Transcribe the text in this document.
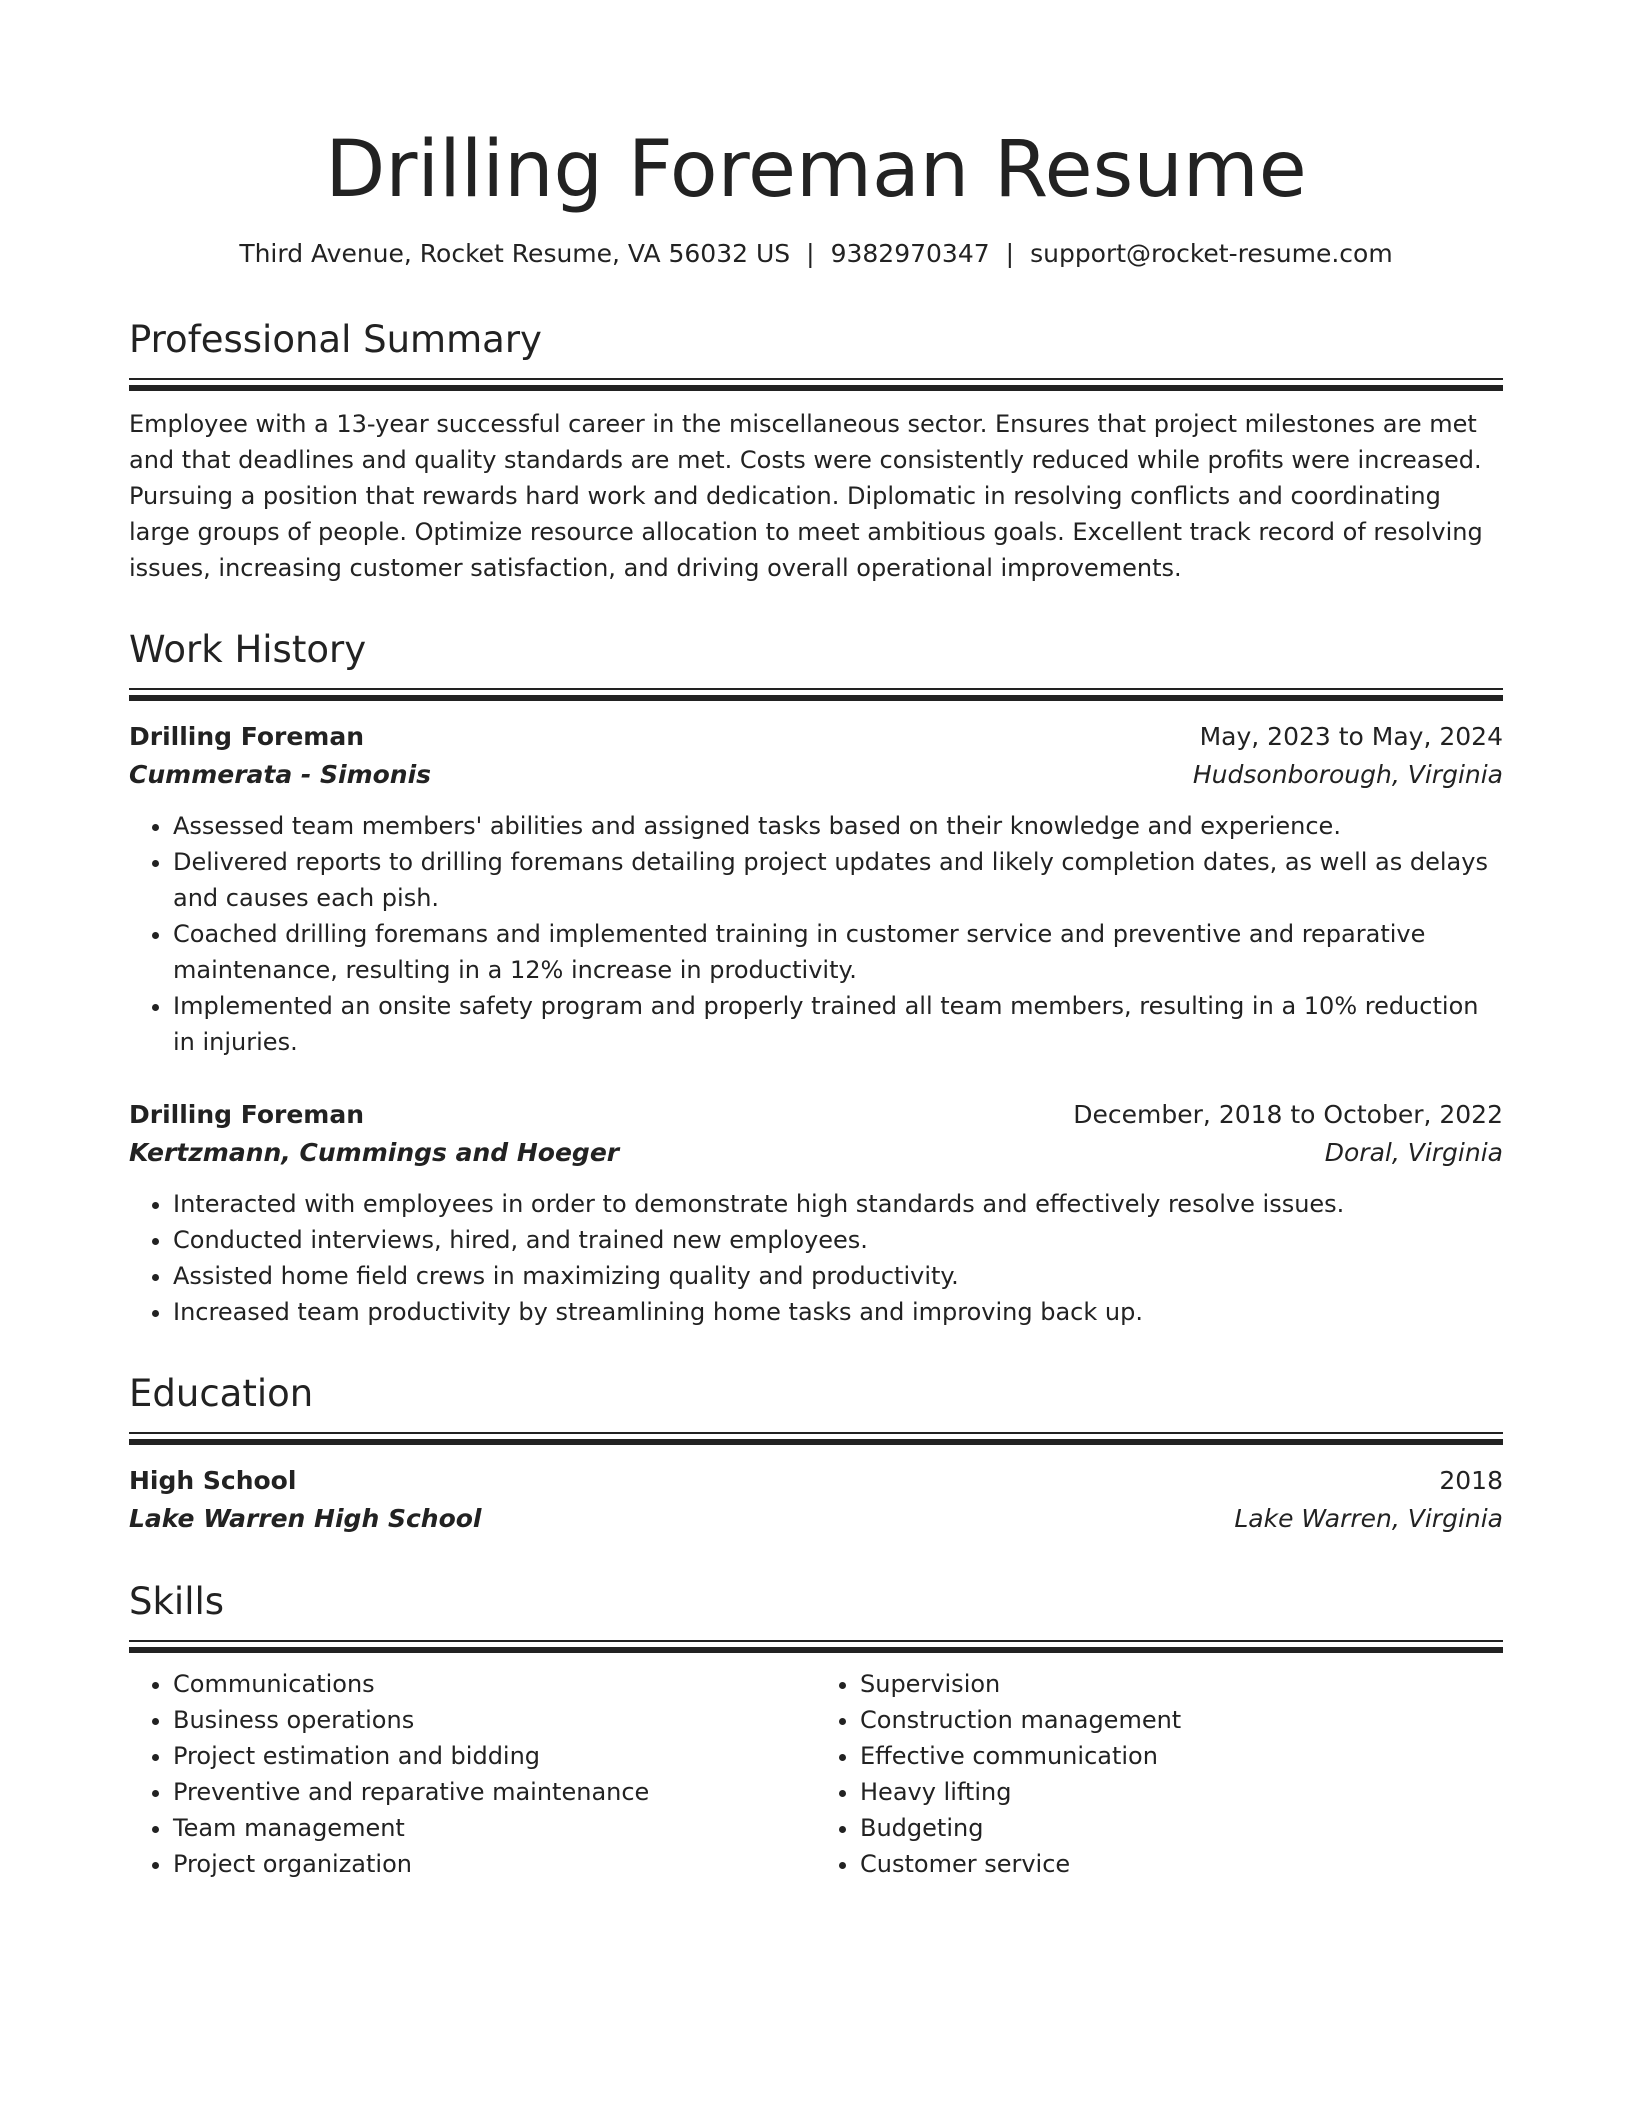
Drilling Foreman Resume
Third Avenue, Rocket Resume, VA 56032 US | 9382970347 | support@rocket-resume.com
Professional Summary

Employee with a 13-year successful career in the miscellaneous sector. Ensures that project milestones are met and that deadlines and quality standards are met. Costs were consistently reduced while profits were increased. Pursuing a position that rewards hard work and dedication. Diplomatic in resolving conflicts and coordinating large groups of people. Optimize resource allocation to meet ambitious goals. Excellent track record of resolving issues, increasing customer satisfaction, and driving overall operational improvements.

Work History
Drilling Foreman	May, 2023 to May, 2024
Cummerata - Simonis	Hudsonborough, Virginia
• Assessed team members' abilities and assigned tasks based on their knowledge and experience.
• Delivered reports to drilling foremans detailing project updates and likely completion dates, as well as delays and causes each pish.
• Coached drilling foremans and implemented training in customer service and preventive and reparative maintenance, resulting in a 12% increase in productivity.
• Implemented an onsite safety program and properly trained all team members, resulting in a 10% reduction in injuries.
Drilling Foreman	December, 2018 to October, 2022
Kertzmann, Cummings and Hoeger	Doral, Virginia
• Interacted with employees in order to demonstrate high standards and effectively resolve issues.
• Conducted interviews, hired, and trained new employees.
• Assisted home field crews in maximizing quality and productivity.
• Increased team productivity by streamlining home tasks and improving back up.
Education
High School	2018
Lake Warren High School	Lake Warren, Virginia
Skills
• Communications
• Business operations
• Project estimation and bidding
• Preventive and reparative maintenance
• Team management
• Project organization
• Supervision
• Construction management
• Effective communication
• Heavy lifting
• Budgeting
• Customer service
